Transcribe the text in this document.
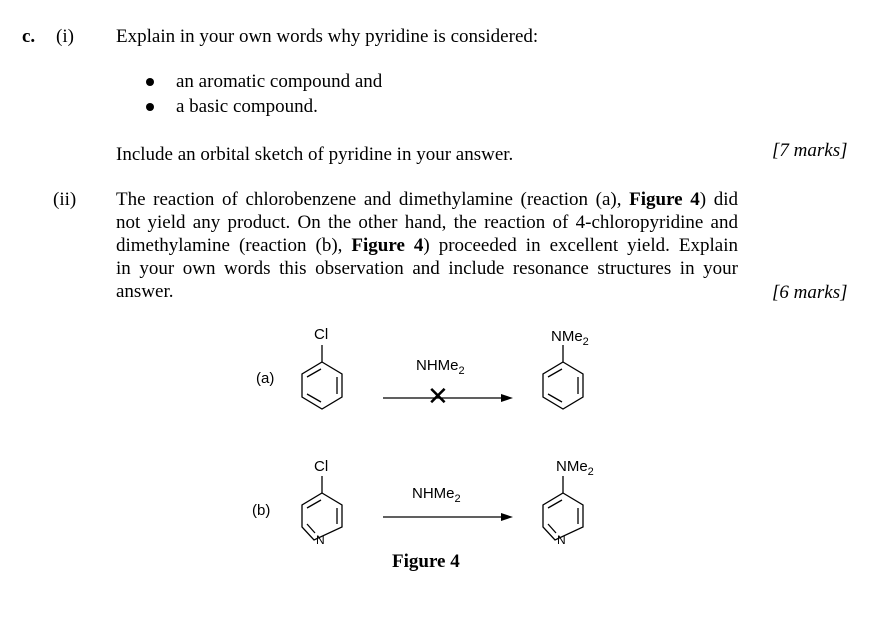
c. (i) Explain in your own words why pyridine is considered:
an aromatic compound and
a basic compound.
Include an orbital sketch of pyridine in your answer.	[7 marks]
(ii) The reaction of chlorobenzene and dimethylamine (reaction (a), Figure 4) did
not yield any product. On the other hand, the reaction of 4-chloropyridine and
dimethylamine (reaction (b), Figure 4) proceeded in excellent yield. Explain
in your own words this observation and include resonance structures in your
answer.	[6 marks]
(a)
Cl
NHMe$_2$
✕
NMe$_2$
(b)
Cl
N
NHMe$_2$
NMe$_2$
N
Figure 4
